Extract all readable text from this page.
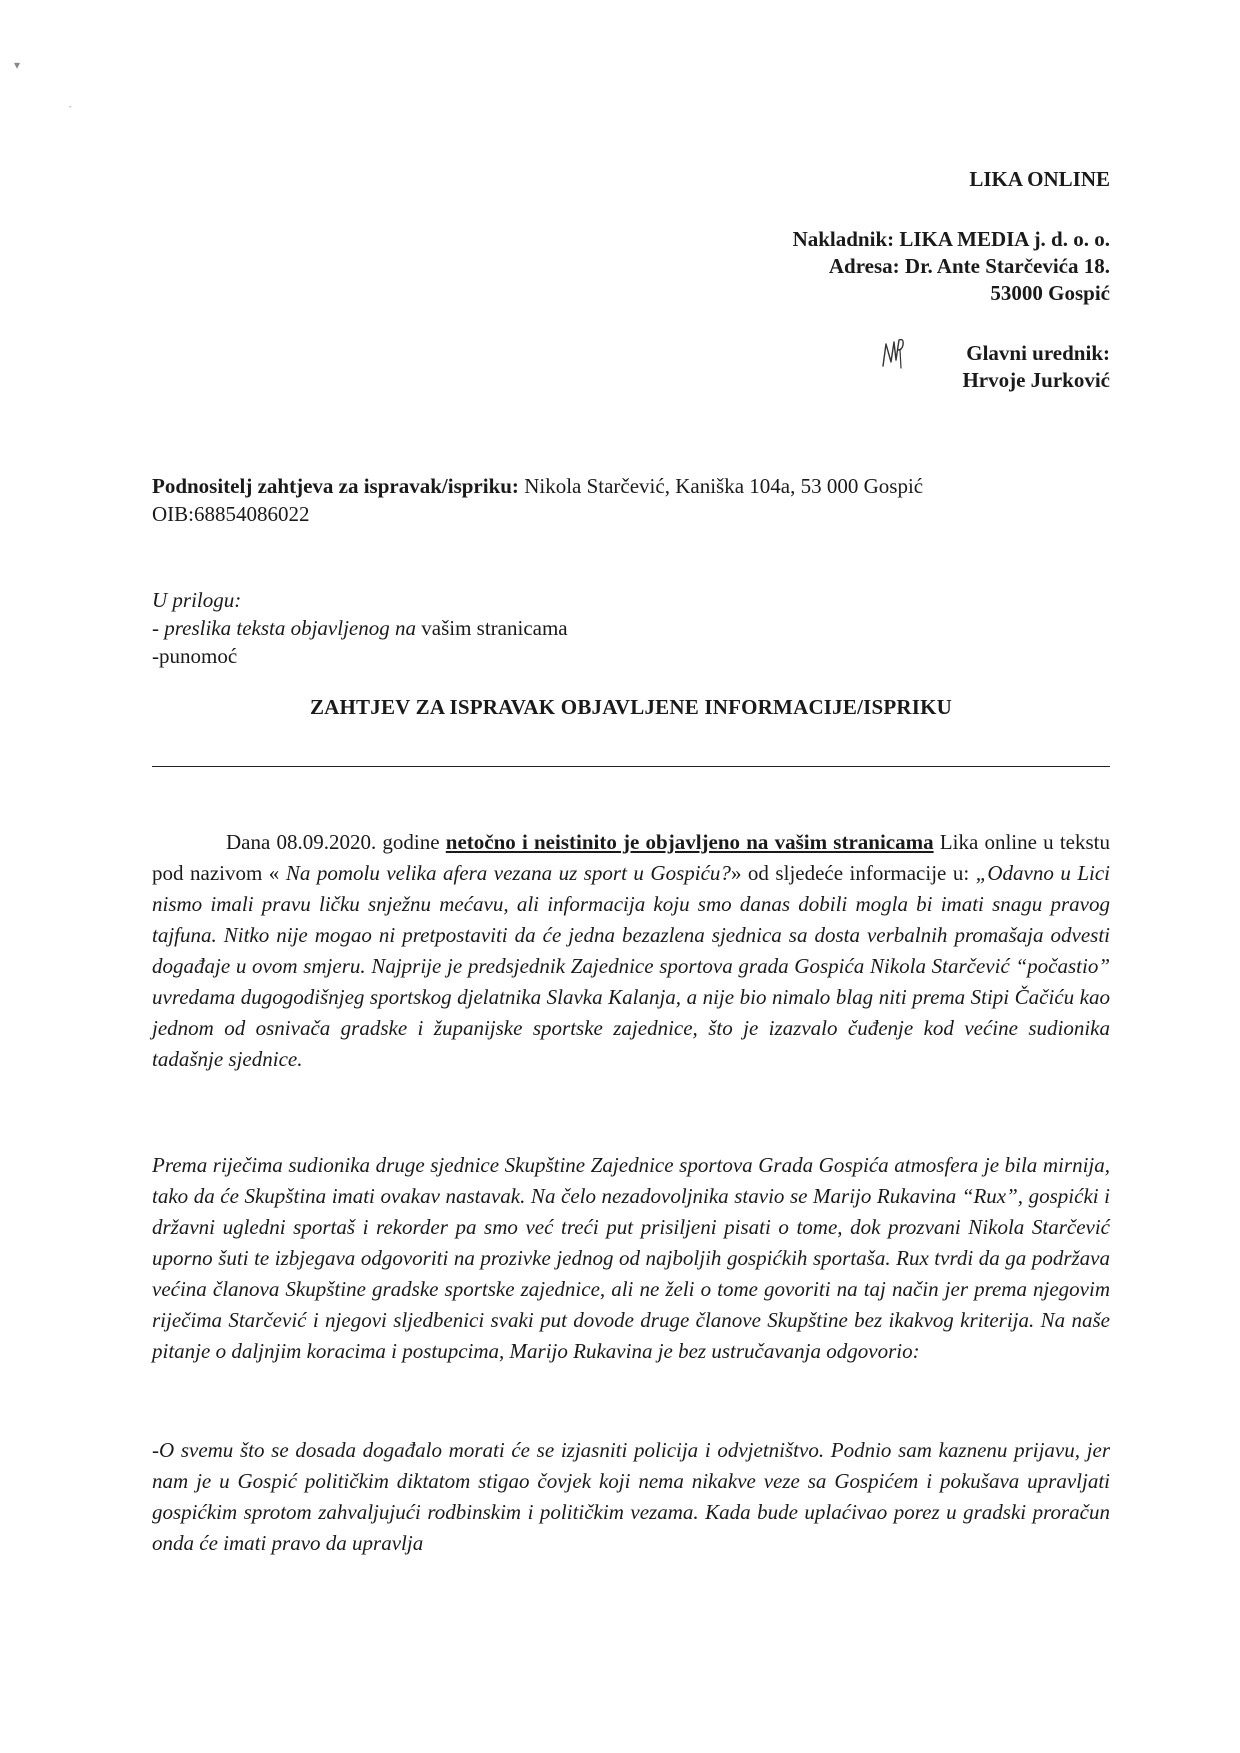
▾
ˇ
LIKA ONLINE
Nakladnik: LIKA MEDIA j. d. o. o.
Adresa: Dr. Ante Starčevića 18.
53000 Gospić
Glavni urednik:
Hrvoje Jurković
Podnositelj zahtjeva za ispravak/ispriku: Nikola Starčević, Kaniška 104a, 53 000 Gospić
OIB:68854086022
U prilogu:
- preslika teksta objavljenog na vašim stranicama
-punomoć
ZAHTJEV ZA ISPRAVAK OBJAVLJENE INFORMACIJE/ISPRIKU
Dana 08.09.2020. godine netočno i neistinito je objavljeno na vašim stranicama Lika online u tekstu pod nazivom « Na pomolu velika afera vezana uz sport u Gospiću?» od sljedeće informacije u: „Odavno u Lici nismo imali pravu ličku snježnu mećavu, ali informacija koju smo danas dobili mogla bi imati snagu pravog tajfuna. Nitko nije mogao ni pretpostaviti da će jedna bezazlena sjednica sa dosta verbalnih promašaja odvesti događaje u ovom smjeru. Najprije je predsjednik Zajednice sportova grada Gospića Nikola Starčević “počastio” uvredama dugogodišnjeg sportskog djelatnika Slavka Kalanja, a nije bio nimalo blag niti prema Stipi Čačiću kao jednom od osnivača gradske i županijske sportske zajednice, što je izazvalo čuđenje kod većine sudionika tadašnje sjednice.
Prema riječima sudionika druge sjednice Skupštine Zajednice sportova Grada Gospića atmosfera je bila mirnija, tako da će Skupština imati ovakav nastavak. Na čelo nezadovoljnika stavio se Marijo Rukavina “Rux”, gospićki i državni ugledni sportaš i rekorder pa smo već treći put prisiljeni pisati o tome, dok prozvani Nikola Starčević uporno šuti te izbjegava odgovoriti na prozivke jednog od najboljih gospićkih sportaša. Rux tvrdi da ga podržava većina članova Skupštine gradske sportske zajednice, ali ne želi o tome govoriti na taj način jer prema njegovim riječima Starčević i njegovi sljedbenici svaki put dovode druge članove Skupštine bez ikakvog kriterija. Na naše pitanje o daljnjim koracima i postupcima, Marijo Rukavina je bez ustručavanja odgovorio:
-O svemu što se dosada događalo morati će se izjasniti policija i odvjetništvo. Podnio sam kaznenu prijavu, jer nam je u Gospić političkim diktatom stigao čovjek koji nema nikakve veze sa Gospićem i pokušava upravljati gospićkim sprotom zahvaljujući rodbinskim i političkim vezama. Kada bude uplaćivao porez u gradski proračun onda će imati pravo da upravlja
